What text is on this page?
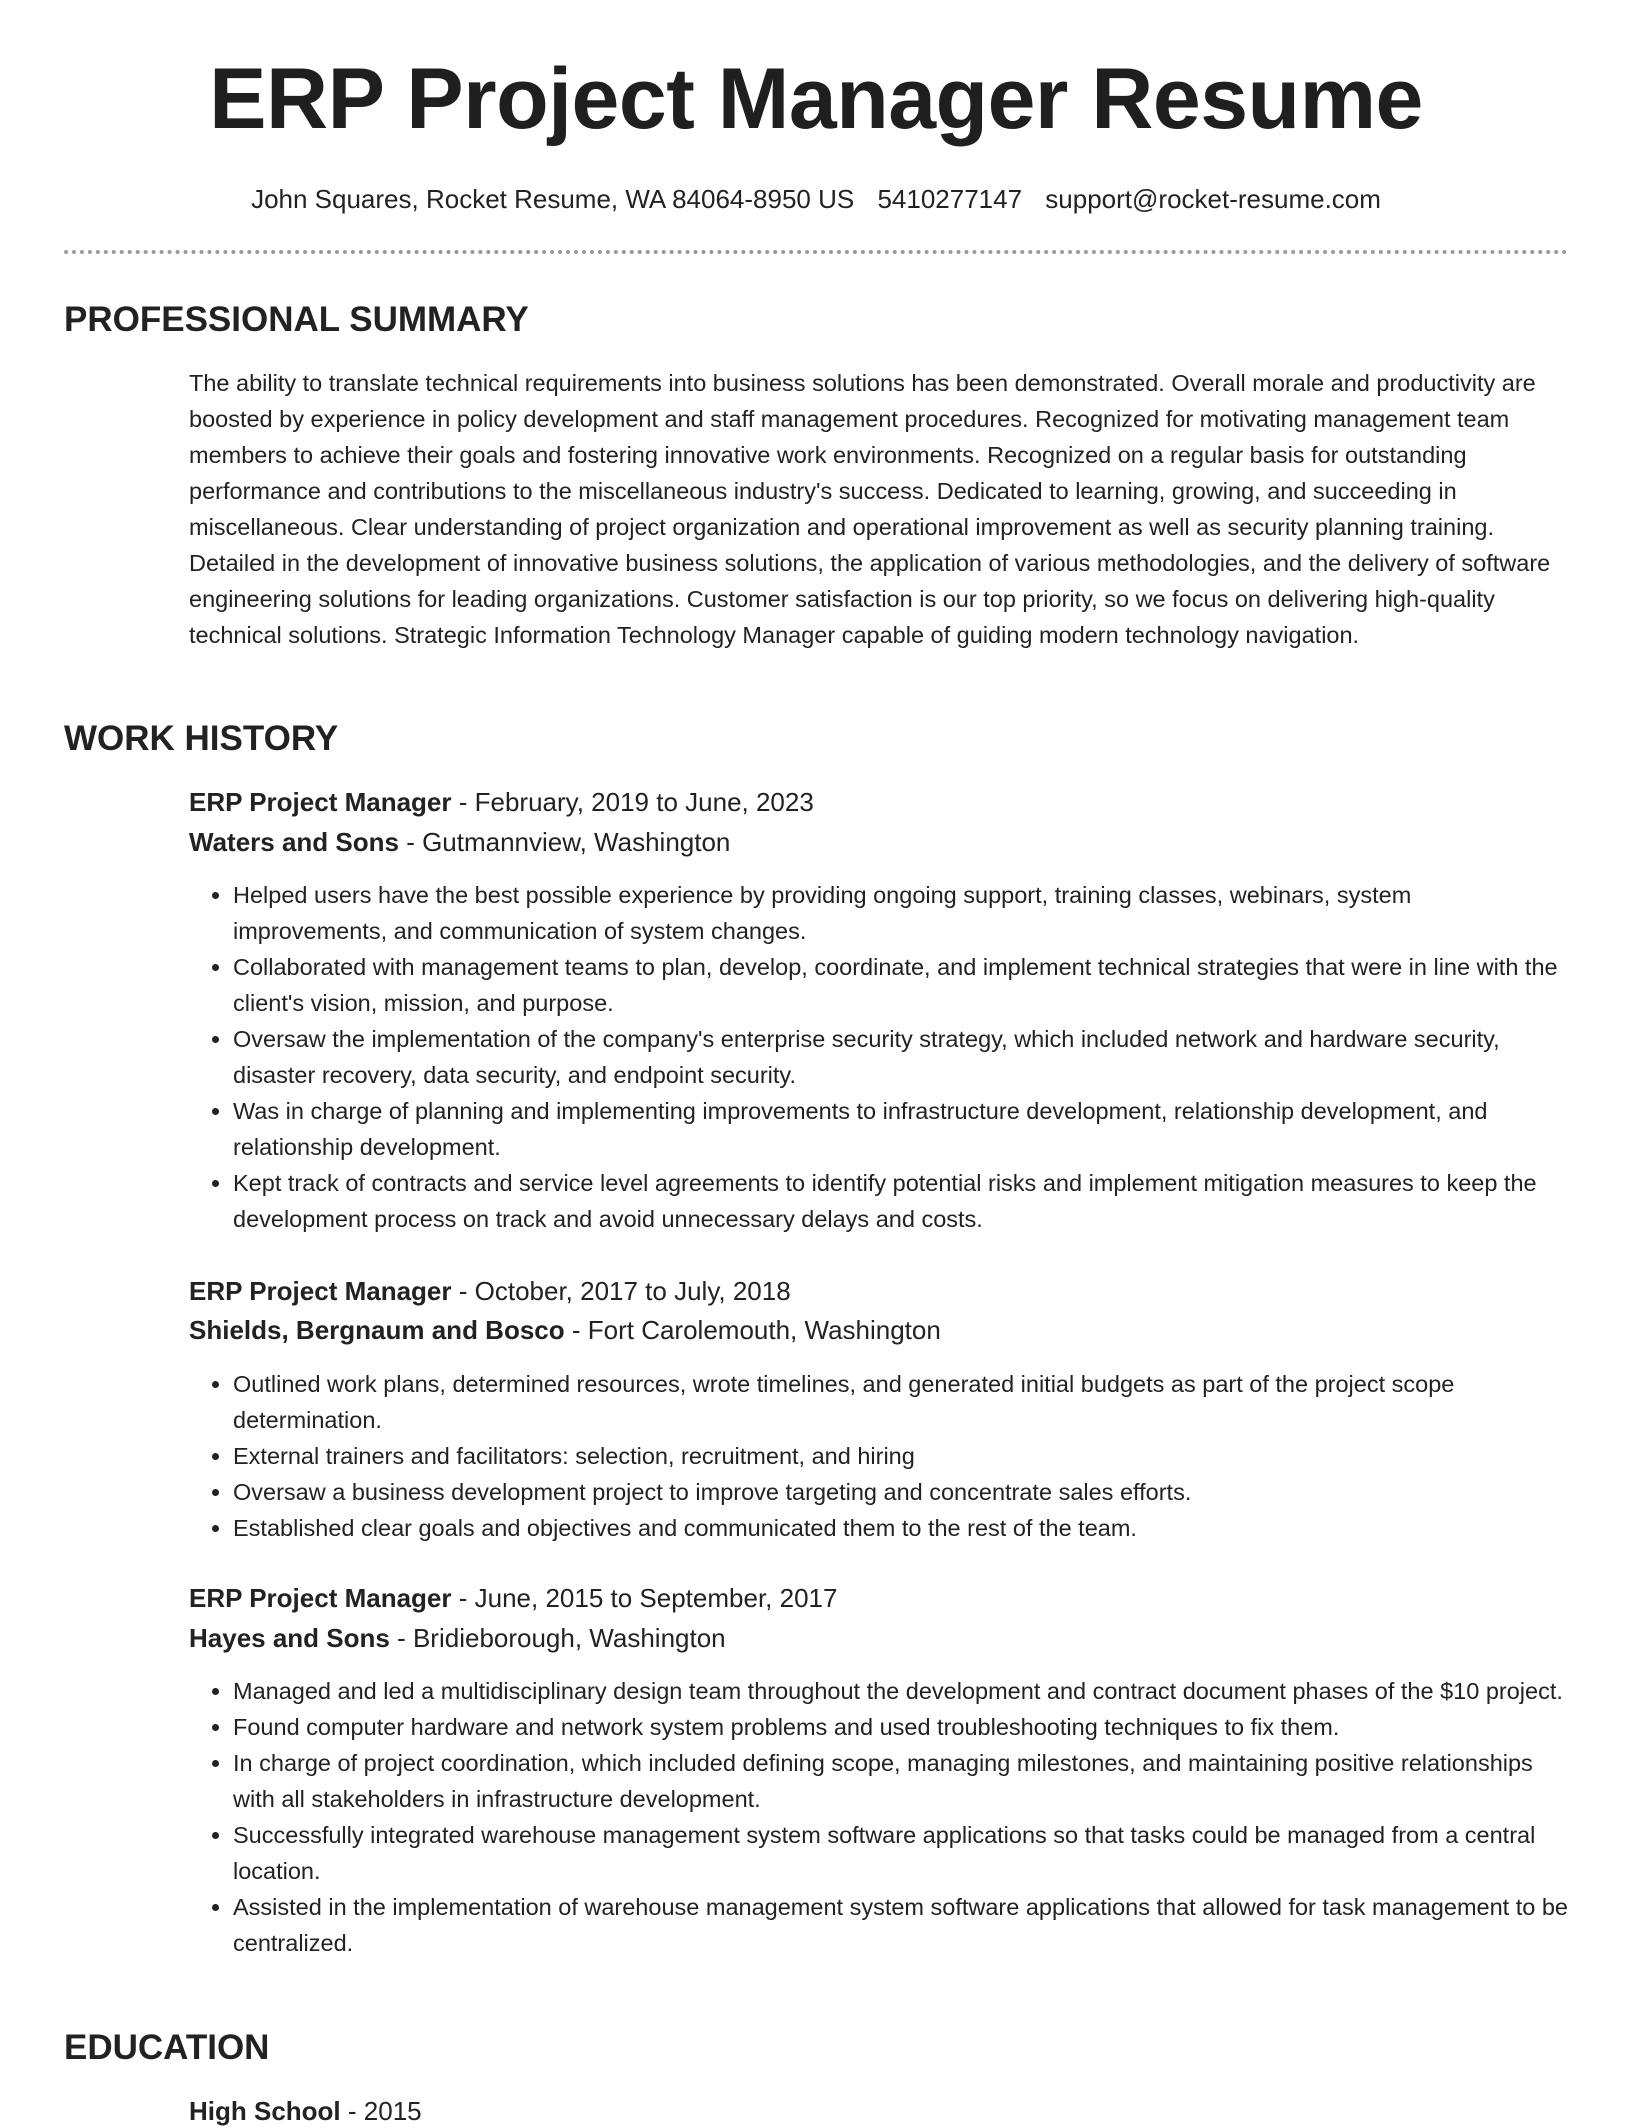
ERP Project Manager Resume
John Squares, Rocket Resume, WA 84064-8950 US 5410277147 support@rocket-resume.com
PROFESSIONAL SUMMARY

The ability to translate technical requirements into business solutions has been demonstrated. Overall morale and productivity are boosted by experience in policy development and staff management procedures. Recognized for motivating management team members to achieve their goals and fostering innovative work environments. Recognized on a regular basis for outstanding performance and contributions to the miscellaneous industry's success. Dedicated to learning, growing, and succeeding in miscellaneous. Clear understanding of project organization and operational improvement as well as security planning training. Detailed in the development of innovative business solutions, the application of various methodologies, and the delivery of software engineering solutions for leading organizations. Customer satisfaction is our top priority, so we focus on delivering high-quality technical solutions. Strategic Information Technology Manager capable of guiding modern technology navigation.

WORK HISTORY
ERP Project Manager - February, 2019 to June, 2023
Waters and Sons - Gutmannview, Washington
• Helped users have the best possible experience by providing ongoing support, training classes, webinars, system improvements, and communication of system changes.
• Collaborated with management teams to plan, develop, coordinate, and implement technical strategies that were in line with the client's vision, mission, and purpose.
• Oversaw the implementation of the company's enterprise security strategy, which included network and hardware security, disaster recovery, data security, and endpoint security.
• Was in charge of planning and implementing improvements to infrastructure development, relationship development, and relationship development.
• Kept track of contracts and service level agreements to identify potential risks and implement mitigation measures to keep the development process on track and avoid unnecessary delays and costs.
ERP Project Manager - October, 2017 to July, 2018
Shields, Bergnaum and Bosco - Fort Carolemouth, Washington
• Outlined work plans, determined resources, wrote timelines, and generated initial budgets as part of the project scope determination.
• External trainers and facilitators: selection, recruitment, and hiring
• Oversaw a business development project to improve targeting and concentrate sales efforts.
• Established clear goals and objectives and communicated them to the rest of the team.
ERP Project Manager - June, 2015 to September, 2017
Hayes and Sons - Bridieborough, Washington
• Managed and led a multidisciplinary design team throughout the development and contract document phases of the $10 project.
• Found computer hardware and network system problems and used troubleshooting techniques to fix them.
• In charge of project coordination, which included defining scope, managing milestones, and maintaining positive relationships with all stakeholders in infrastructure development.
• Successfully integrated warehouse management system software applications so that tasks could be managed from a central location.
• Assisted in the implementation of warehouse management system software applications that allowed for task management to be centralized.
EDUCATION
High School - 2015
